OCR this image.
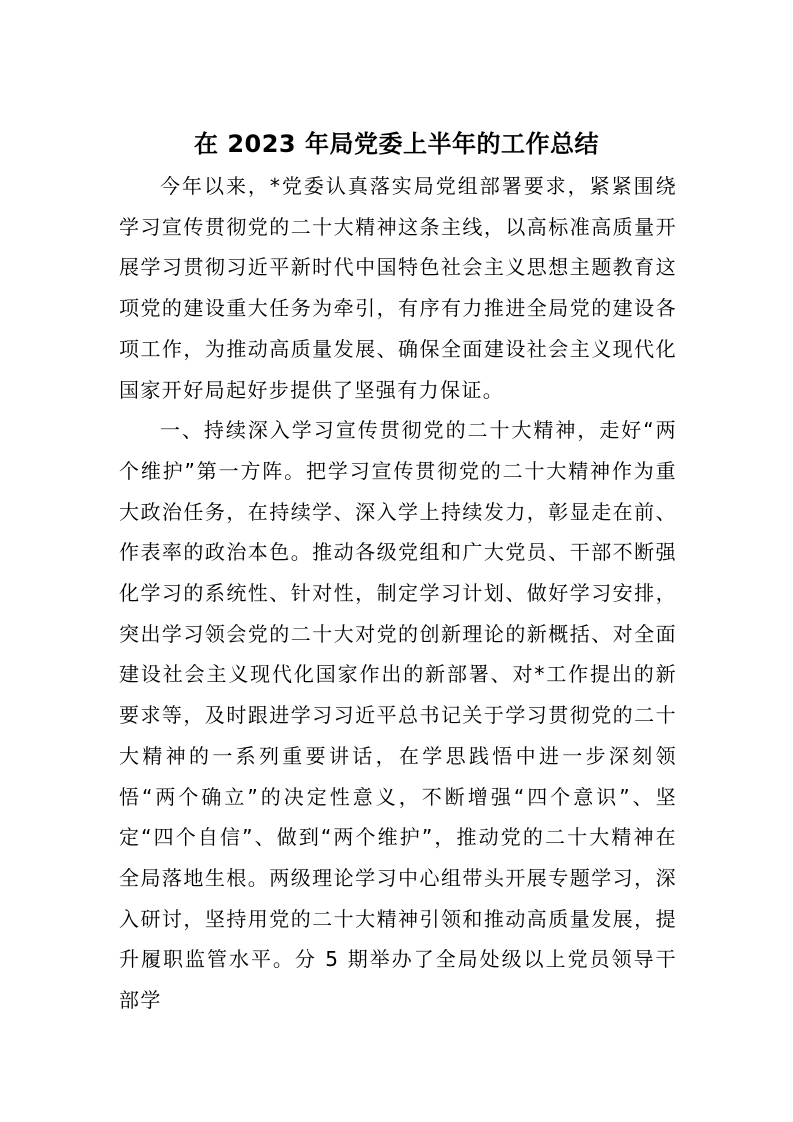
在 2023 年局党委上半年的工作总结

今年以来，*党委认真落实局党组部署要求，紧紧围绕学习宣传贯彻党的二十大精神这条主线，以高标准高质量开展学习贯彻习近平新时代中国特色社会主义思想主题教育这项党的建设重大任务为牵引，有序有力推进全局党的建设各项工作，为推动高质量发展、确保全面建设社会主义现代化国家开好局起好步提供了坚强有力保证。

一、持续深入学习宣传贯彻党的二十大精神，走好“两个维护”第一方阵。把学习宣传贯彻党的二十大精神作为重大政治任务，在持续学、深入学上持续发力，彰显走在前、作表率的政治本色。推动各级党组和广大党员、干部不断强化学习的系统性、针对性，制定学习计划、做好学习安排，突出学习领会党的二十大对党的创新理论的新概括、对全面建设社会主义现代化国家作出的新部署、对*工作提出的新要求等，及时跟进学习习近平总书记关于学习贯彻党的二十大精神的一系列重要讲话，在学思践悟中进一步深刻领悟“两个确立”的决定性意义，不断增强“四个意识”、坚定“四个自信”、做到“两个维护”，推动党的二十大精神在全局落地生根。两级理论学习中心组带头开展专题学习，深入研讨，坚持用党的二十大精神引领和推动高质量发展，提升履职监管水平。分 5 期举办了全局处级以上党员领导干部学
